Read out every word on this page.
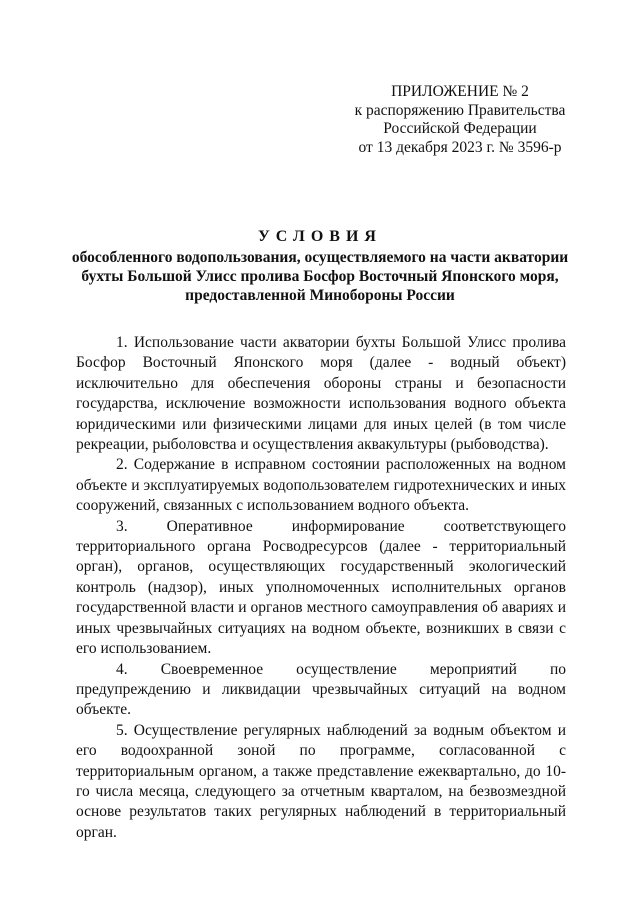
ПРИЛОЖЕНИЕ № 2
к распоряжению Правительства
Российской Федерации
от 13 декабря 2023 г. № 3596-р
УСЛОВИЯ
обособленного водопользования, осуществляемого на части акватории
бухты Большой Улисс пролива Босфор Восточный Японского моря,
предоставленной Минобороны России

1. Использование части акватории бухты Большой Улисс пролива Босфор Восточный Японского моря (далее - водный объект) исключительно для обеспечения обороны страны и безопасности государства, исключение возможности использования водного объекта юридическими или физическими лицами для иных целей (в том числе рекреации, рыболовства и осуществления аквакультуры (рыбоводства).

2. Содержание в исправном состоянии расположенных на водном объекте и эксплуатируемых водопользователем гидротехнических и иных сооружений, связанных с использованием водного объекта.

3. Оперативное информирование соответствующего территориального органа Росводресурсов (далее - территориальный орган), органов, осуществляющих государственный экологический контроль (надзор), иных уполномоченных исполнительных органов государственной власти и органов местного самоуправления об авариях и иных чрезвычайных ситуациях на водном объекте, возникших в связи с его использованием.

4. Своевременное осуществление мероприятий по предупреждению и ликвидации чрезвычайных ситуаций на водном объекте.

5. Осуществление регулярных наблюдений за водным объектом и его водоохранной зоной по программе, согласованной с территориальным органом, а также представление ежеквартально, до 10-го числа месяца, следующего за отчетным кварталом, на безвозмездной основе результатов таких регулярных наблюдений в территориальный орган.
